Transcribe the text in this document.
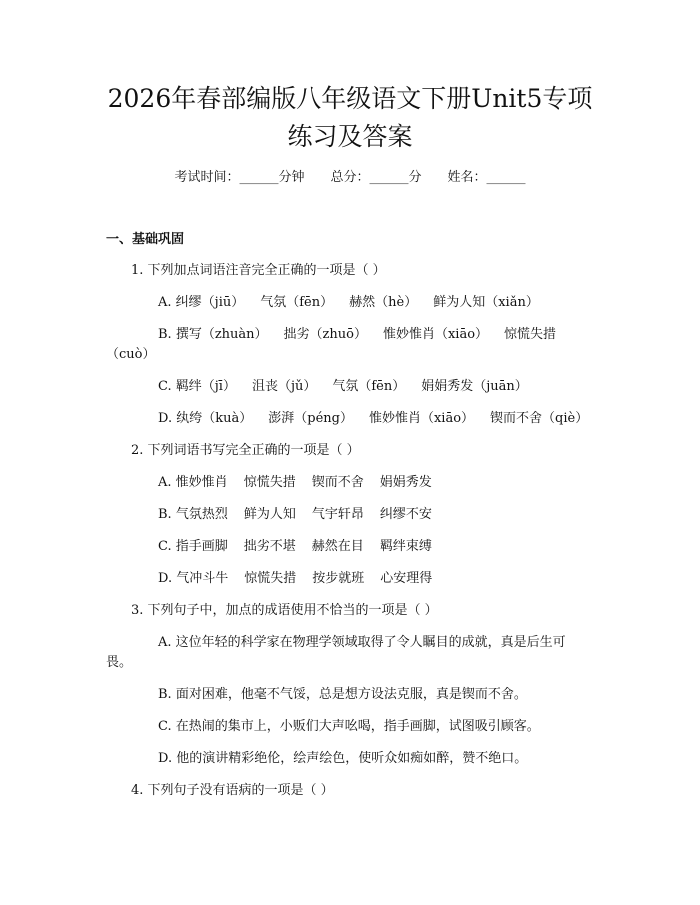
2026年春部编版八年级语文下册Unit5专项
练习及答案
考试时间：______分钟 总分：______分 姓名：______
一、基础巩固
1. 下列加点词语注音完全正确的一项是（ ）
A. 纠缪（jiū） 气氛（fēn） 赫然（hè） 鲜为人知（xiǎn）
B. 撰写（zhuàn） 拙劣（zhuō） 惟妙惟肖（xiāo） 惊慌失措
（cuò）
C. 羁绊（jī） 沮丧（jǔ） 气氛（fēn） 娟娟秀发（juān）
D. 纨绔（kuà） 澎湃（péng） 惟妙惟肖（xiāo） 锲而不舍（qiè）
2. 下列词语书写完全正确的一项是（ ）
A. 惟妙惟肖 惊慌失措 锲而不舍 娟娟秀发
B. 气氛热烈 鲜为人知 气宇轩昂 纠缪不安
C. 指手画脚 拙劣不堪 赫然在目 羁绊束缚
D. 气冲斗牛 惊慌失措 按步就班 心安理得
3. 下列句子中，加点的成语使用不恰当的一项是（ ）
A. 这位年轻的科学家在物理学领域取得了令人瞩目的成就，真是后生可
畏。
B. 面对困难，他毫不气馁，总是想方设法克服，真是锲而不舍。
C. 在热闹的集市上，小贩们大声吆喝，指手画脚，试图吸引顾客。
D. 他的演讲精彩绝伦，绘声绘色，使听众如痴如醉，赞不绝口。
4. 下列句子没有语病的一项是（ ）
